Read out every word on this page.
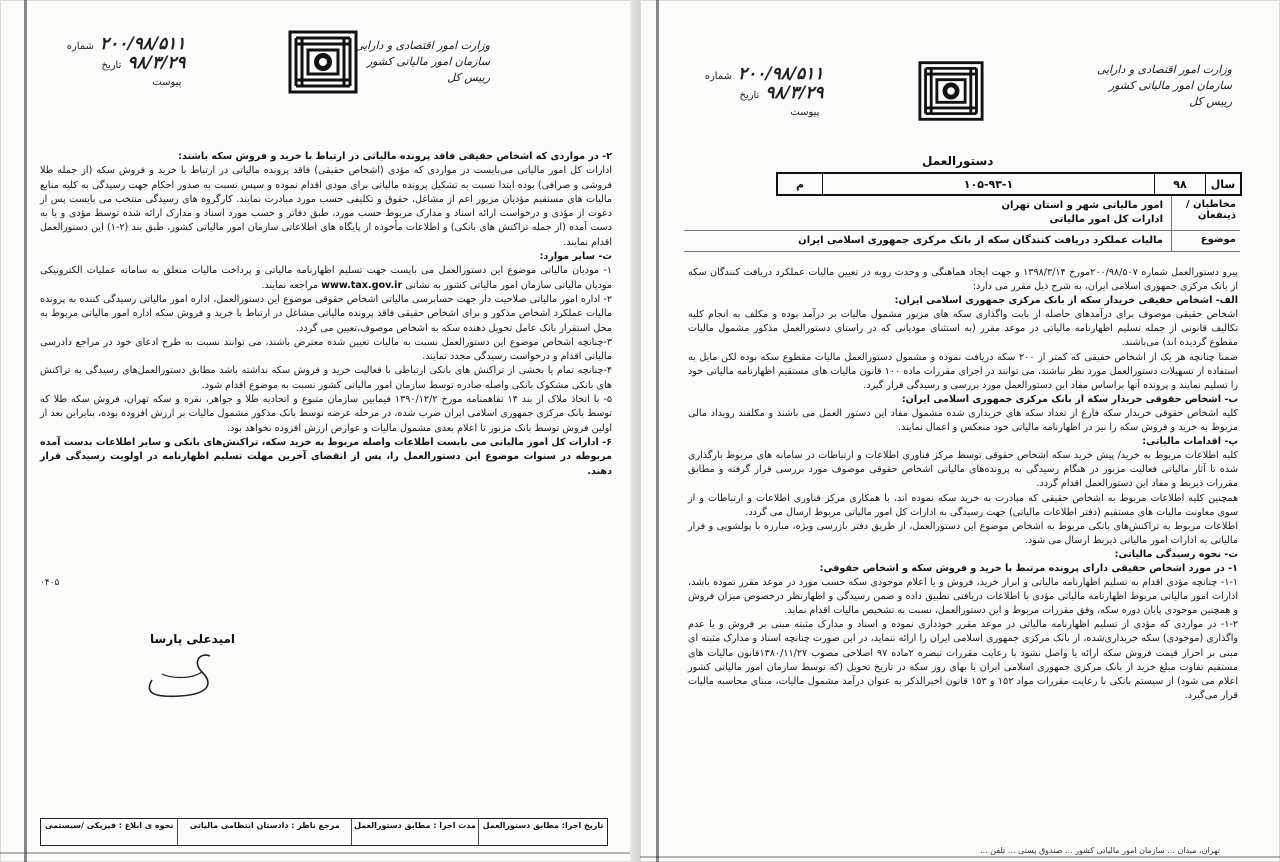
۲۰۰/۹۸/۵۱۱شماره
۹۸/۳/۲۹تاریخ
پیوست
وزارت امور اقتصادی و دارایی
سازمان امور مالیاتی کشور
رییس کل

۲- در مواردی که اشخاص حقیقی فاقد پرونده مالیاتی در ارتباط با خرید و فروش سکه باشند:

ادارات کل امور مالیاتی می‌بایست در مواردی که مؤدی (اشخاص حقیقی) فاقد پرونده مالیاتی در ارتباط با خرید و فروش سکه (از جمله طلا فروشی و صرافی) بوده ابتدا نسبت به تشکیل پرونده مالیاتی برای مودی اقدام نموده و سپس نسبت به صدور احکام جهت رسیدگی به کلیه منابع مالیات های مستقیم مؤدیان مزبور اعم از مشاغل، حقوق و تکلیفی حسب مورد مبادرت نمایند. کارگروه های رسیدگی منتخب می بایست پس از دعوت از مؤدی و درخواست ارائه اسناد و مدارک مربوط حسب مورد، طبق دفاتر و حسب مورد اسناد و مدارک ارائه شده توسط مؤدی و یا به دست آمده (از جمله تراکنش های بانکی) و اطلاعات مأخوذه از پایگاه های اطلاعاتی سازمان امور مالیاتی کشور، طبق بند (۲-۱) این دستورالعمل اقدام نمایند.

ث- سایر موارد:

۱- مودیان مالیاتی موضوع این دستورالعمل می بایست جهت تسلیم اظهارنامه مالیاتی و پرداخت مالیات متعلق به سامانه عملیات الکترونیکی مودیان مالیاتی سازمان امور مالیاتی کشور به نشانی www.tax.gov.ir مراجعه نمایند.

۲- اداره امور مالیاتی صلاحیت دار جهت حسابرسی مالیاتی اشخاص حقوقی موضوع این دستورالعمل، اداره امور مالیاتی رسیدگی کننده به پرونده مالیات عملکرد اشخاص مذکور و برای اشخاص حقیقی فاقد پرونده مالیاتی مشاغل در ارتباط با خرید و فروش سکه اداره امور مالیاتی مربوط به محل استقرار بانک عامل تحویل دهنده سکه به اشخاص موصوف،تعیین می گردد.

۳-چنانچه اشخاص موضوع این دستورالعمل نسبت به مالیات تعیین شده معترض باشند، می توانند نسبت به طرح ادعای خود در مراجع دادرسی مالیاتی اقدام و درخواست رسیدگی مجدد نمایند.

۴-چنانچه تمام یا بخشی از تراکنش های بانکی ارتباطی با فعالیت خرید و فروش سکه نداشته باشد مطابق دستورالعمل‌های رسیدگی به تراکنش های بانکی مشکوک بانکی واصله صادره توسط سازمان امور مالیاتی کشور نسبت به موضوع اقدام شود.

۵- با اتخاذ ملاک از بند ۱۴ تفاهمنامه مورخ ۱۳۹۰/۱۲/۲ فیمابین سازمان متبوع و اتحادیه طلا و جواهر، نقره و سکه تهران، فروش سکه طلا که توسط بانک مرکزی جمهوری اسلامی ایران ضرب شده، در مرحله عرضه توسط بانک مذکور مشمول مالیات بر ارزش افزوده بوده، بنابراین بعد از اولین فروش توسط بانک مزبور تا اعلام بعدی مشمول مالیات و عوارض ارزش افزوده نخواهد بود.

۶- ادارات کل امور مالیاتی می بایست اطلاعات واصله مربوط به خرید سکه، تراکنش‌های بانکی و سایر اطلاعات بدست آمده مربوطه در سنوات موضوع این دستورالعمل را، پس از انقضای آخرین مهلت تسلیم اظهارنامه در اولویت رسیدگی قرار دهند.

۰۴۰۵
امیدعلی پارسا
تاریخ اجرا: مطابق دستورالعمل
مدت اجرا : مطابق دستورالعمل
مرجع ناظر : دادستان انتظامی مالیاتی
نحوه ی ابلاغ : فیزیکی /سیستمی
۲۰۰/۹۸/۵۱۱شماره
۹۸/۳/۲۹تاریخ
پیوست
وزارت امور اقتصادی و دارایی
سازمان امور مالیاتی کشور
رییس کل
دستورالعمل
سال
۹۸
۱۰۵-۹۳-۱
م
امور مالیاتی شهر و استان تهران
ادارات کل امور مالیاتی
مخاطبان / ذینفعان
مالیات عملکرد دریافت کنندگان سکه از بانک مرکزی جمهوری اسلامی ایران	موضوع

پیرو دستورالعمل شماره ۲۰۰/۹۸/۵۰۷مورخ ۱۳۹۸/۳/۱۴ و جهت ایجاد هماهنگی و وحدت رویه در تعیین مالیات عملکرد دریافت کنندگان سکه از بانک مرکزی جمهوری اسلامی ایران، به شرح ذیل مقرر می دارد:

الف- اشخاص حقیقی خریدار سکه از بانک مرکزی جمهوری اسلامی ایران:

اشخاص حقیقی موصوف برای درآمدهای حاصله از بابت واگذاری سکه های مزبور مشمول مالیات بر درآمد بوده و مکلف به انجام کلیه تکالیف قانونی از جمله تسلیم اظهارنامه مالیاتی در موعد مقرر (به استثنای مودیانی که در راستای دستورالعمل مذکور مشمول مالیات مقطوع گردیده اند) می‌باشند.

ضمنا چنانچه هر یک از اشخاص حقیقی که کمتر از ۲۰۰ سکه دریافت نموده و مشمول دستورالعمل مالیات مقطوع سکه بوده لکن مایل به استفاده از تسهیلات دستورالعمل مورد نظر نباشند، می توانند در اجرای مقررات ماده ۱۰۰ قانون مالیات های مستقیم اظهارنامه مالیاتی خود را تسلیم نمایند و پرونده آنها براساس مفاد این دستورالعمل مورد بررسی و رسیدگی قرار گیرد.

ب- اشخاص حقوقی خریدار سکه از بانک مرکزی جمهوری اسلامی ایران:

کلیه اشخاص حقوقی خریدار سکه فارغ از تعداد سکه های خریداری شده مشمول مفاد این دستور العمل می باشند و مکلفند رویداد مالی مربوط به خرید و فروش سکه را نیز در اظهارنامه مالیاتی خود منعکس و اعمال نمایند.

پ- اقدامات مالیاتی:

کلیه اطلاعات مربوط به خرید/ پیش خرید سکه اشخاص حقوقی توسط مرکز فناوری اطلاعات و ارتباطات در سامانه های مربوط بارگذاری شده تا آثار مالیاتی فعالیت مزبور در هنگام رسیدگی به پرونده‌های مالیاتی اشخاص حقوقی موصوف مورد بررسی قرار گرفته و مطابق مقررات ذیربط و مفاد این دستورالعمل اقدام گردد.

همچنین کلیه اطلاعات مربوط به اشخاص حقیقی که مبادرت به خرید سکه نموده اند، با همکاری مرکز فناوری اطلاعات و ارتباطات و از سوی معاونت مالیات های مستقیم (دفتر اطلاعات مالیاتی) جهت رسیدگی به ادارات کل امور مالیاتی مربوط ارسال می گردد.

اطلاعات مربوط به تراکنش‌های بانکی مربوط به اشخاص موضوع این دستورالعمل، از طریق دفتر بازرسی ویژه، مبارزه با پولشویی و فرار مالیاتی به ادارات امور مالیاتی ذیربط ارسال می شود.

ت- نحوه رسیدگی مالیاتی:

۱- در مورد اشخاص حقیقی دارای پرونده مرتبط با خرید و فروش سکه و اشخاص حقوقی:

۱-۱- چنانچه مؤدی اقدام به تسلیم اظهارنامه مالیاتی و ابراز خرید، فروش و یا اعلام موجودی سکه حسب مورد در موعد مقرر نموده باشد، ادارات امور مالیاتی مربوط اظهارنامه مالیاتی مؤدی با اطلاعات دریافتی تطبیق داده و ضمن رسیدگی و اظهارنظر درخصوص میزان فروش و همچنین موجودی پایان دوره سکه، وفق مقررات مربوط و این دستورالعمل، نسبت به تشخیص مالیات اقدام نماید.

۱-۲- در مواردی که مؤدی از تسلیم اظهارنامه مالیاتی در موعد مقرر خودداری نموده و اسناد و مدارک مثبته مبنی بر فروش و یا عدم واگذاری (موجودی) سکه خریداری‌شده، از بانک مرکزی جمهوری اسلامی ایران را ارائه ننماید، در این صورت چنانچه اسناد و مدارک مثبته ای مبنی بر احراز قیمت فروش سکه ارائه یا واصل نشود با رعایت مقررات تبصره ۲ماده ۹۷ اصلاحی مصوب ۱۳۸۰/۱۱/۲۷قانون مالیات های مستقیم تفاوت مبلغ خرید از بانک مرکزی جمهوری اسلامی ایران با بهای روز سکه در تاریخ تحویل (که توسط سازمان امور مالیاتی کشور اعلام می شود) از سیستم بانکی با رعایت مقررات مواد ۱۵۲ و ۱۵۳ قانون اخیرالذکر به عنوان درآمد مشمول مالیات، مبنای محاسبه مالیات قرار می‌گیرد.

تهران، میدان ... سازمان امور مالیاتی کشور ... صندوق پستی ... تلفن ...
